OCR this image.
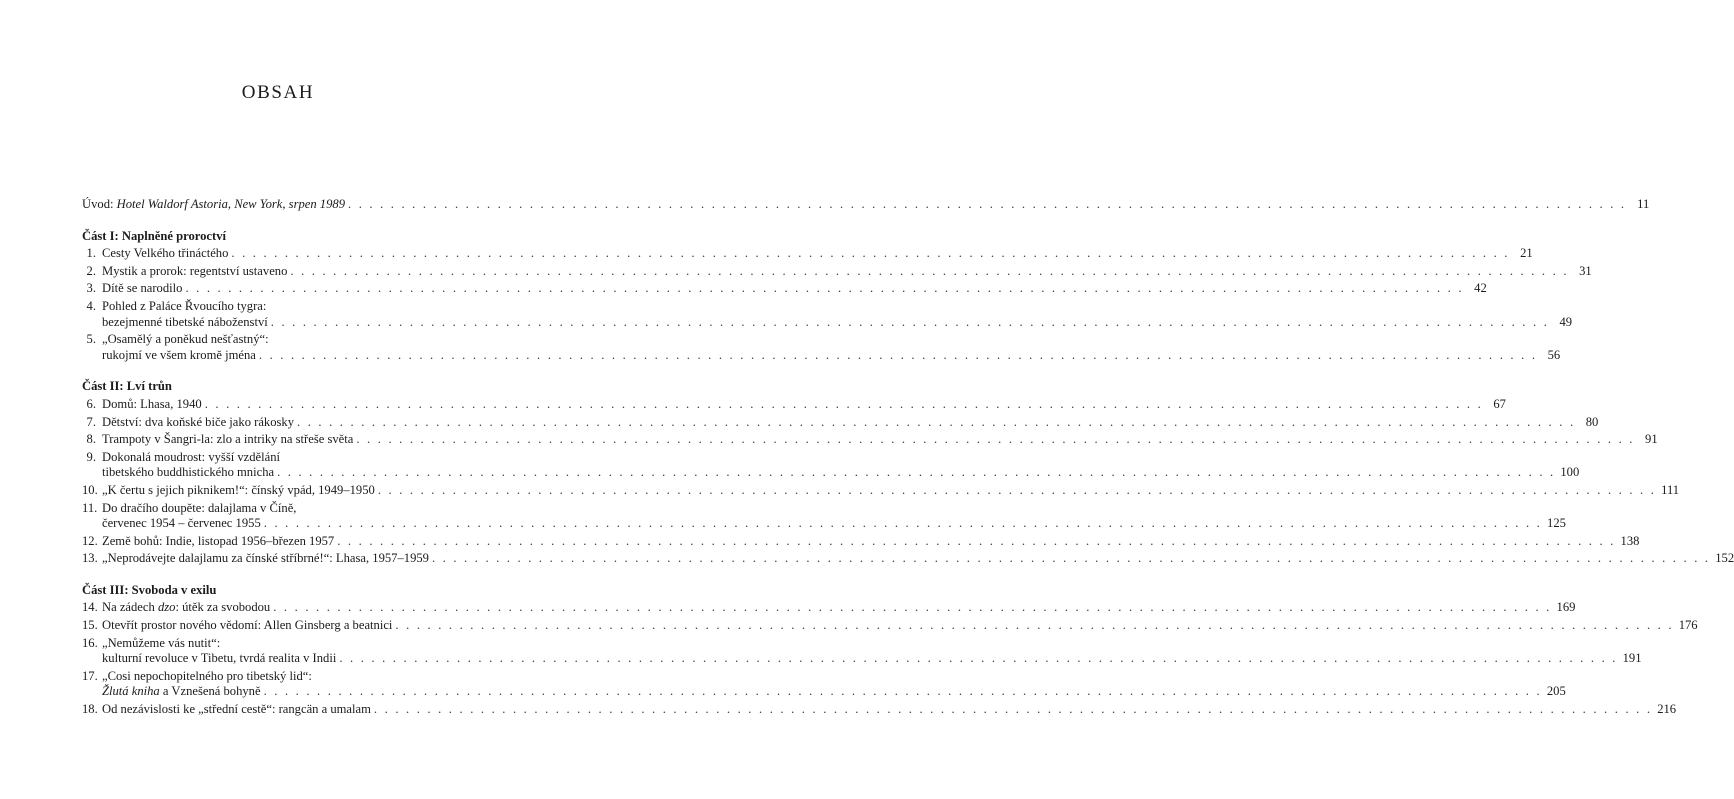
OBSAH
Úvod: Hotel Waldorf Astoria, New York, srpen 1989 . . . . . . . . . . . . . . . . . . . . . . . . . . . . . . . . . . . . . . . . . . . . . . . . . . . . . . . . . . . . . . . . . . . . . . . . . . . . . . . . . . . . . . . . . . . . . . . . . . . . . . . . . . . . . . . . . . . . . . . . 11
Část I: Naplněné proroctví
1. Cesty Velkého třináctého . . . . . . . . . . . . . . . . . . . . . . . . . . . . . . . . . . . . . . . . . . . . . . . . . . . . . . . . . . . . . . . . . . . . . . . . . . . . . . . . . . . . . . . . . . . . . . . . . . . . . . . . . . . . . . . . . . . . . . . . 21
2. Mystik a prorok: regentství ustaveno . . . . . . . . . . . . . . . . . . . . . . . . . . . . . . . . . . . . . . . . . . . . . . . . . . . . . . . . . . . . . . . . . . . . . . . . . . . . . . . . . . . . . . . . . . . . . . . . . . . . . . . . . . . . . . . . . . . . . . . . 31
3. Dítě se narodilo . . . . . . . . . . . . . . . . . . . . . . . . . . . . . . . . . . . . . . . . . . . . . . . . . . . . . . . . . . . . . . . . . . . . . . . . . . . . . . . . . . . . . . . . . . . . . . . . . . . . . . . . . . . . . . . . . . . . . . . . 42
4. Pohled z Paláce Řvoucího tygra:
bezejmenné tibetské náboženství . . . . . . . . . . . . . . . . . . . . . . . . . . . . . . . . . . . . . . . . . . . . . . . . . . . . . . . . . . . . . . . . . . . . . . . . . . . . . . . . . . . . . . . . . . . . . . . . . . . . . . . . . . . . . . . . . . . . . . . . 49
5. „Osamělý a poněkud nešťastný“:
rukojmí ve všem kromě jména . . . . . . . . . . . . . . . . . . . . . . . . . . . . . . . . . . . . . . . . . . . . . . . . . . . . . . . . . . . . . . . . . . . . . . . . . . . . . . . . . . . . . . . . . . . . . . . . . . . . . . . . . . . . . . . . . . . . . . . . 56
Část II: Lví trůn
6. Domů: Lhasa, 1940 . . . . . . . . . . . . . . . . . . . . . . . . . . . . . . . . . . . . . . . . . . . . . . . . . . . . . . . . . . . . . . . . . . . . . . . . . . . . . . . . . . . . . . . . . . . . . . . . . . . . . . . . . . . . . . . . . . . . . . . . 67
7. Dětství: dva koňské biče jako rákosky . . . . . . . . . . . . . . . . . . . . . . . . . . . . . . . . . . . . . . . . . . . . . . . . . . . . . . . . . . . . . . . . . . . . . . . . . . . . . . . . . . . . . . . . . . . . . . . . . . . . . . . . . . . . . . . . . . . . . . . . 80
8. Trampoty v Šangri-la: zlo a intriky na střeše světa . . . . . . . . . . . . . . . . . . . . . . . . . . . . . . . . . . . . . . . . . . . . . . . . . . . . . . . . . . . . . . . . . . . . . . . . . . . . . . . . . . . . . . . . . . . . . . . . . . . . . . . . . . . . . . . . . . . . . . . . 91
9. Dokonalá moudrost: vyšší vzdělání
tibetského buddhistického mnicha . . . . . . . . . . . . . . . . . . . . . . . . . . . . . . . . . . . . . . . . . . . . . . . . . . . . . . . . . . . . . . . . . . . . . . . . . . . . . . . . . . . . . . . . . . . . . . . . . . . . . . . . . . . . . . . . . . . . . . . . 100
10. „K čertu s jejich piknikem!“: čínský vpád, 1949–1950 . . . . . . . . . . . . . . . . . . . . . . . . . . . . . . . . . . . . . . . . . . . . . . . . . . . . . . . . . . . . . . . . . . . . . . . . . . . . . . . . . . . . . . . . . . . . . . . . . . . . . . . . . . . . . . . . . . . . . . . . 111
11. Do dračího doupěte: dalajlama v Číně,
červenec 1954 – červenec 1955 . . . . . . . . . . . . . . . . . . . . . . . . . . . . . . . . . . . . . . . . . . . . . . . . . . . . . . . . . . . . . . . . . . . . . . . . . . . . . . . . . . . . . . . . . . . . . . . . . . . . . . . . . . . . . . . . . . . . . . . . 125
12. Země bohů: Indie, listopad 1956–březen 1957 . . . . . . . . . . . . . . . . . . . . . . . . . . . . . . . . . . . . . . . . . . . . . . . . . . . . . . . . . . . . . . . . . . . . . . . . . . . . . . . . . . . . . . . . . . . . . . . . . . . . . . . . . . . . . . . . . . . . . . . . 138
13. „Neprodávejte dalajlamu za čínské stříbrné!“: Lhasa, 1957–1959 . . . . . . . . . . . . . . . . . . . . . . . . . . . . . . . . . . . . . . . . . . . . . . . . . . . . . . . . . . . . . . . . . . . . . . . . . . . . . . . . . . . . . . . . . . . . . . . . . . . . . . . . . . . . . . . . . . . . . . . . 152
Část III: Svoboda v exilu
14. Na zádech dzo: útěk za svobodou . . . . . . . . . . . . . . . . . . . . . . . . . . . . . . . . . . . . . . . . . . . . . . . . . . . . . . . . . . . . . . . . . . . . . . . . . . . . . . . . . . . . . . . . . . . . . . . . . . . . . . . . . . . . . . . . . . . . . . . . 169
15. Otevřít prostor nového vědomí: Allen Ginsberg a beatnici . . . . . . . . . . . . . . . . . . . . . . . . . . . . . . . . . . . . . . . . . . . . . . . . . . . . . . . . . . . . . . . . . . . . . . . . . . . . . . . . . . . . . . . . . . . . . . . . . . . . . . . . . . . . . . . . . . . . . . . . 176
16. „Nemůžeme vás nutit“:
kulturní revoluce v Tibetu, tvrdá realita v Indii . . . . . . . . . . . . . . . . . . . . . . . . . . . . . . . . . . . . . . . . . . . . . . . . . . . . . . . . . . . . . . . . . . . . . . . . . . . . . . . . . . . . . . . . . . . . . . . . . . . . . . . . . . . . . . . . . . . . . . . . 191
17. „Cosi nepochopitelného pro tibetský lid“:
Žlutá kniha a Vznešená bohyně . . . . . . . . . . . . . . . . . . . . . . . . . . . . . . . . . . . . . . . . . . . . . . . . . . . . . . . . . . . . . . . . . . . . . . . . . . . . . . . . . . . . . . . . . . . . . . . . . . . . . . . . . . . . . . . . . . . . . . . . 205
18. Od nezávislosti ke „střední cestě“: rangcän a umalam . . . . . . . . . . . . . . . . . . . . . . . . . . . . . . . . . . . . . . . . . . . . . . . . . . . . . . . . . . . . . . . . . . . . . . . . . . . . . . . . . . . . . . . . . . . . . . . . . . . . . . . . . . . . . . . . . . . . . . . . 216
